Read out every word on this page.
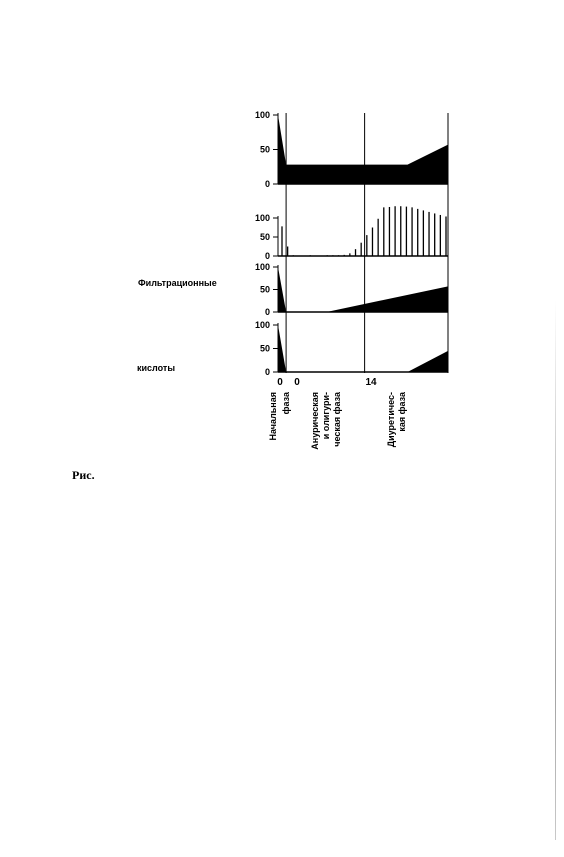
100
50
0
100
50
0
100
50
0
100
50
0
0 0	14
Начальная фаза Анурическая и олигури- ческая фаза	Диуретичес- кая фаза
Фильтрационные
кислоты
Рис.
